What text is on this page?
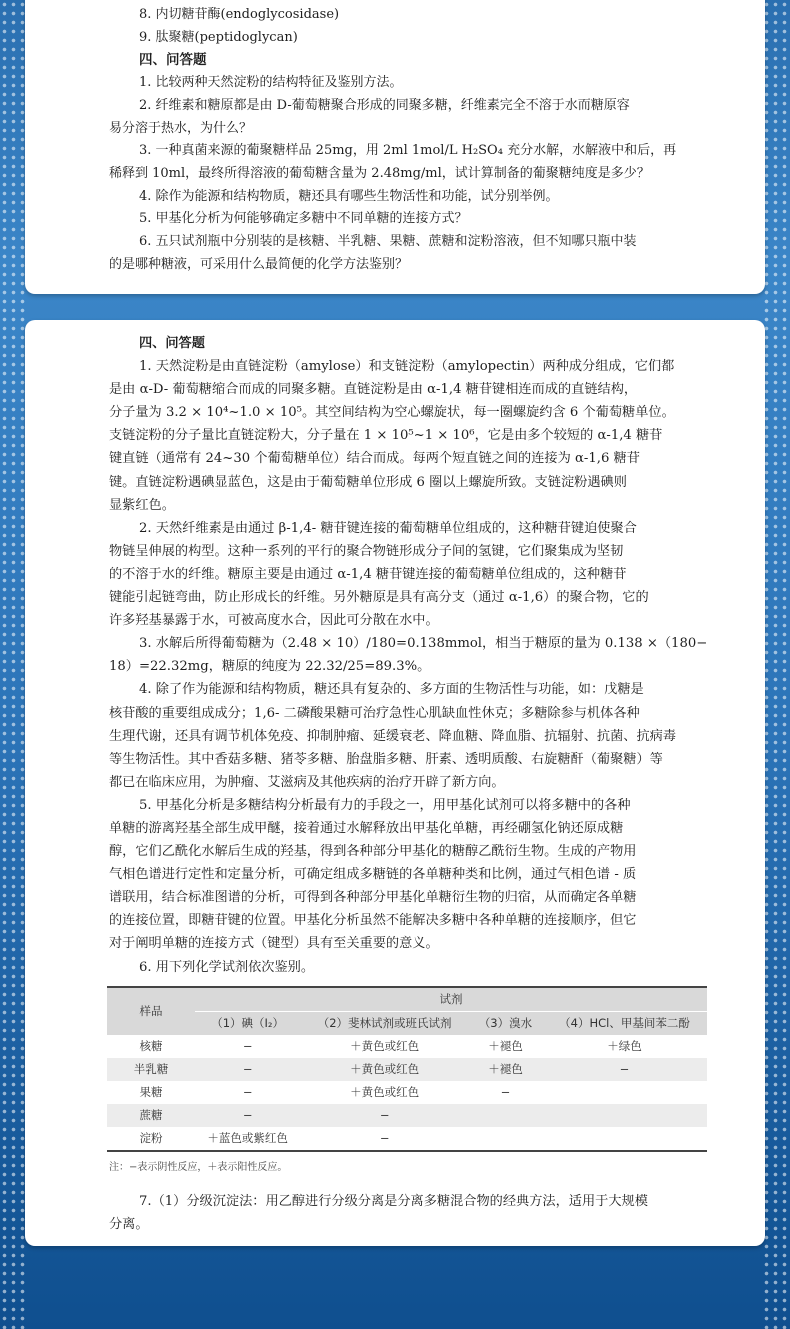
8. 内切糖苷酶(endoglycosidase)
9. 肽聚糖(peptidoglycan)
四、问答题
1. 比较两种天然淀粉的结构特征及鉴别方法。
2. 纤维素和糖原都是由 D-葡萄糖聚合形成的同聚多糖，纤维素完全不溶于水而糖原容
易分溶于热水，为什么？
3. 一种真菌来源的葡聚糖样品 25mg，用 2ml 1mol/L H₂SO₄ 充分水解，水解液中和后，再
稀释到 10ml，最终所得溶液的葡萄糖含量为 2.48mg/ml，试计算制备的葡聚糖纯度是多少？
4. 除作为能源和结构物质，糖还具有哪些生物活性和功能，试分别举例。
5. 甲基化分析为何能够确定多糖中不同单糖的连接方式？
6. 五只试剂瓶中分别装的是核糖、半乳糖、果糖、蔗糖和淀粉溶液，但不知哪只瓶中装
的是哪种糖液，可采用什么最简便的化学方法鉴别？
四、问答题
1. 天然淀粉是由直链淀粉（amylose）和支链淀粉（amylopectin）两种成分组成，它们都
是由 α-D- 葡萄糖缩合而成的同聚多糖。直链淀粉是由 α-1,4 糖苷键相连而成的直链结构，
分子量为 3.2 × 10⁴~1.0 × 10⁵。其空间结构为空心螺旋状，每一圈螺旋约含 6 个葡萄糖单位。
支链淀粉的分子量比直链淀粉大，分子量在 1 × 10⁵~1 × 10⁶，它是由多个较短的 α-1,4 糖苷
键直链（通常有 24~30 个葡萄糖单位）结合而成。每两个短直链之间的连接为 α-1,6 糖苷
键。直链淀粉遇碘显蓝色，这是由于葡萄糖单位形成 6 圈以上螺旋所致。支链淀粉遇碘则
显紫红色。
2. 天然纤维素是由通过 β-1,4- 糖苷键连接的葡萄糖单位组成的，这种糖苷键迫使聚合
物链呈伸展的构型。这种一系列的平行的聚合物链形成分子间的氢键，它们聚集成为坚韧
的不溶于水的纤维。糖原主要是由通过 α-1,4 糖苷键连接的葡萄糖单位组成的，这种糖苷
键能引起链弯曲，防止形成长的纤维。另外糖原是具有高分支（通过 α-1,6）的聚合物，它的
许多羟基暴露于水，可被高度水合，因此可分散在水中。
3. 水解后所得葡萄糖为（2.48 × 10）/180=0.138mmol，相当于糖原的量为 0.138 ×（180−
18）=22.32mg，糖原的纯度为 22.32/25=89.3%。
4. 除了作为能源和结构物质，糖还具有复杂的、多方面的生物活性与功能，如：戊糖是
核苷酸的重要组成成分；1,6- 二磷酸果糖可治疗急性心肌缺血性休克；多糖除参与机体各种
生理代谢，还具有调节机体免疫、抑制肿瘤、延缓衰老、降血糖、降血脂、抗辐射、抗菌、抗病毒
等生物活性。其中香菇多糖、猪苓多糖、胎盘脂多糖、肝素、透明质酸、右旋糖酐（葡聚糖）等
都已在临床应用，为肿瘤、艾滋病及其他疾病的治疗开辟了新方向。
5. 甲基化分析是多糖结构分析最有力的手段之一，用甲基化试剂可以将多糖中的各种
单糖的游离羟基全部生成甲醚，接着通过水解释放出甲基化单糖，再经硼氢化钠还原成糖
醇，它们乙酰化水解后生成的羟基，得到各种部分甲基化的糖醇乙酰衍生物。生成的产物用
气相色谱进行定性和定量分析，可确定组成多糖链的各单糖种类和比例，通过气相色谱 - 质
谱联用，结合标准图谱的分析，可得到各种部分甲基化单糖衍生物的归宿，从而确定各单糖
的连接位置，即糖苷键的位置。甲基化分析虽然不能解决多糖中各种单糖的连接顺序，但它
对于阐明单糖的连接方式（键型）具有至关重要的意义。
6. 用下列化学试剂依次鉴别。
样品	试剂			
	（1）碘（I₂）	（2）斐林试剂或班氏试剂	（3）溴水	（4）HCl、甲基间苯二酚
核糖	−	＋黄色或红色	＋褪色	＋绿色
半乳糖	−	＋黄色或红色	＋褪色	−
果糖	−	＋黄色或红色	−	
蔗糖	−	−		
淀粉	＋蓝色或紫红色	−		
注：−表示阴性反应，＋表示阳性反应。
7.（1）分级沉淀法：用乙醇进行分级分离是分离多糖混合物的经典方法，适用于大规模
分离。
